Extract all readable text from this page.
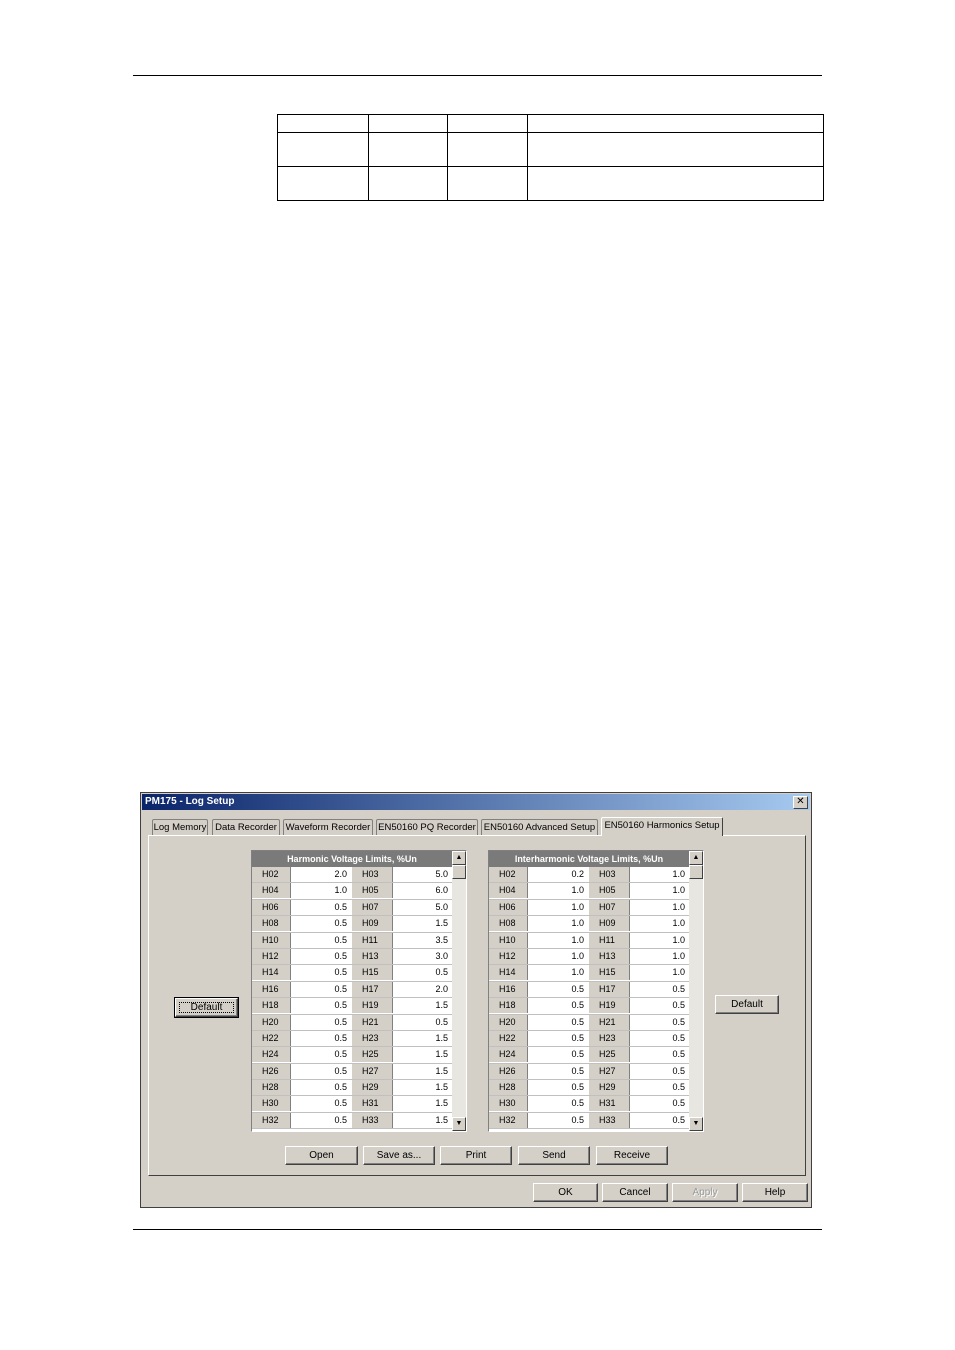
PM175 - Log Setup	✕
Log Memory Data Recorder Waveform Recorder EN50160 PQ Recorder EN50160 Advanced Setup EN50160 Harmonics Setup
Harmonic Voltage Limits, %Un
H02	2.0	H03	5.0
H04	1.0	H05	6.0
H06	0.5	H07	5.0
H08	0.5	H09	1.5
H10	0.5	H11	3.5
H12	0.5	H13	3.0
H14	0.5	H15	0.5
H16	0.5	H17	2.0
H18	0.5	H19	1.5
H20	0.5	H21	0.5
H22	0.5	H23	1.5
H24	0.5	H25	1.5
H26	0.5	H27	1.5
H28	0.5	H29	1.5
H30	0.5	H31	1.5
H32	0.5	H33	1.5
▲
▼
Interharmonic Voltage Limits, %Un
H02	0.2	H03	1.0
H04	1.0	H05	1.0
H06	1.0	H07	1.0
H08	1.0	H09	1.0
H10	1.0	H11	1.0
H12	1.0	H13	1.0
H14	1.0	H15	1.0
H16	0.5	H17	0.5
H18	0.5	H19	0.5
H20	0.5	H21	0.5
H22	0.5	H23	0.5
H24	0.5	H25	0.5
H26	0.5	H27	0.5
H28	0.5	H29	0.5
H30	0.5	H31	0.5
H32	0.5	H33	0.5
▲
▼
Default	Default
Open	Save as...	Print	Send	Receive
OK	Cancel	Apply	Help
